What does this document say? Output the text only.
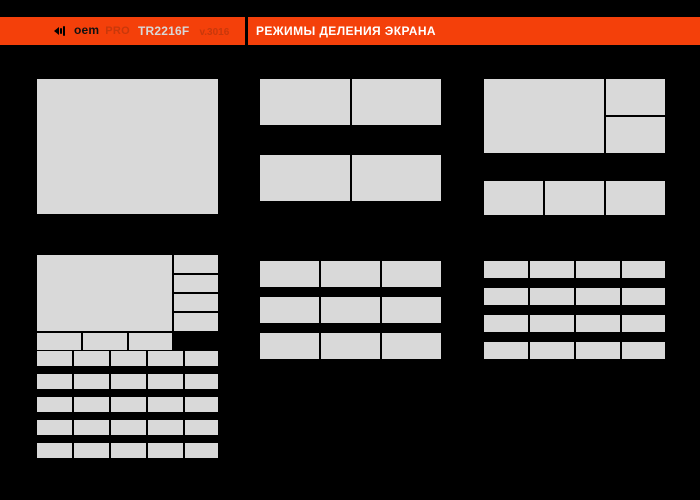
oem PRO TR2216F v.3016 РЕЖИМЫ ДЕЛЕНИЯ ЭКРАНА
